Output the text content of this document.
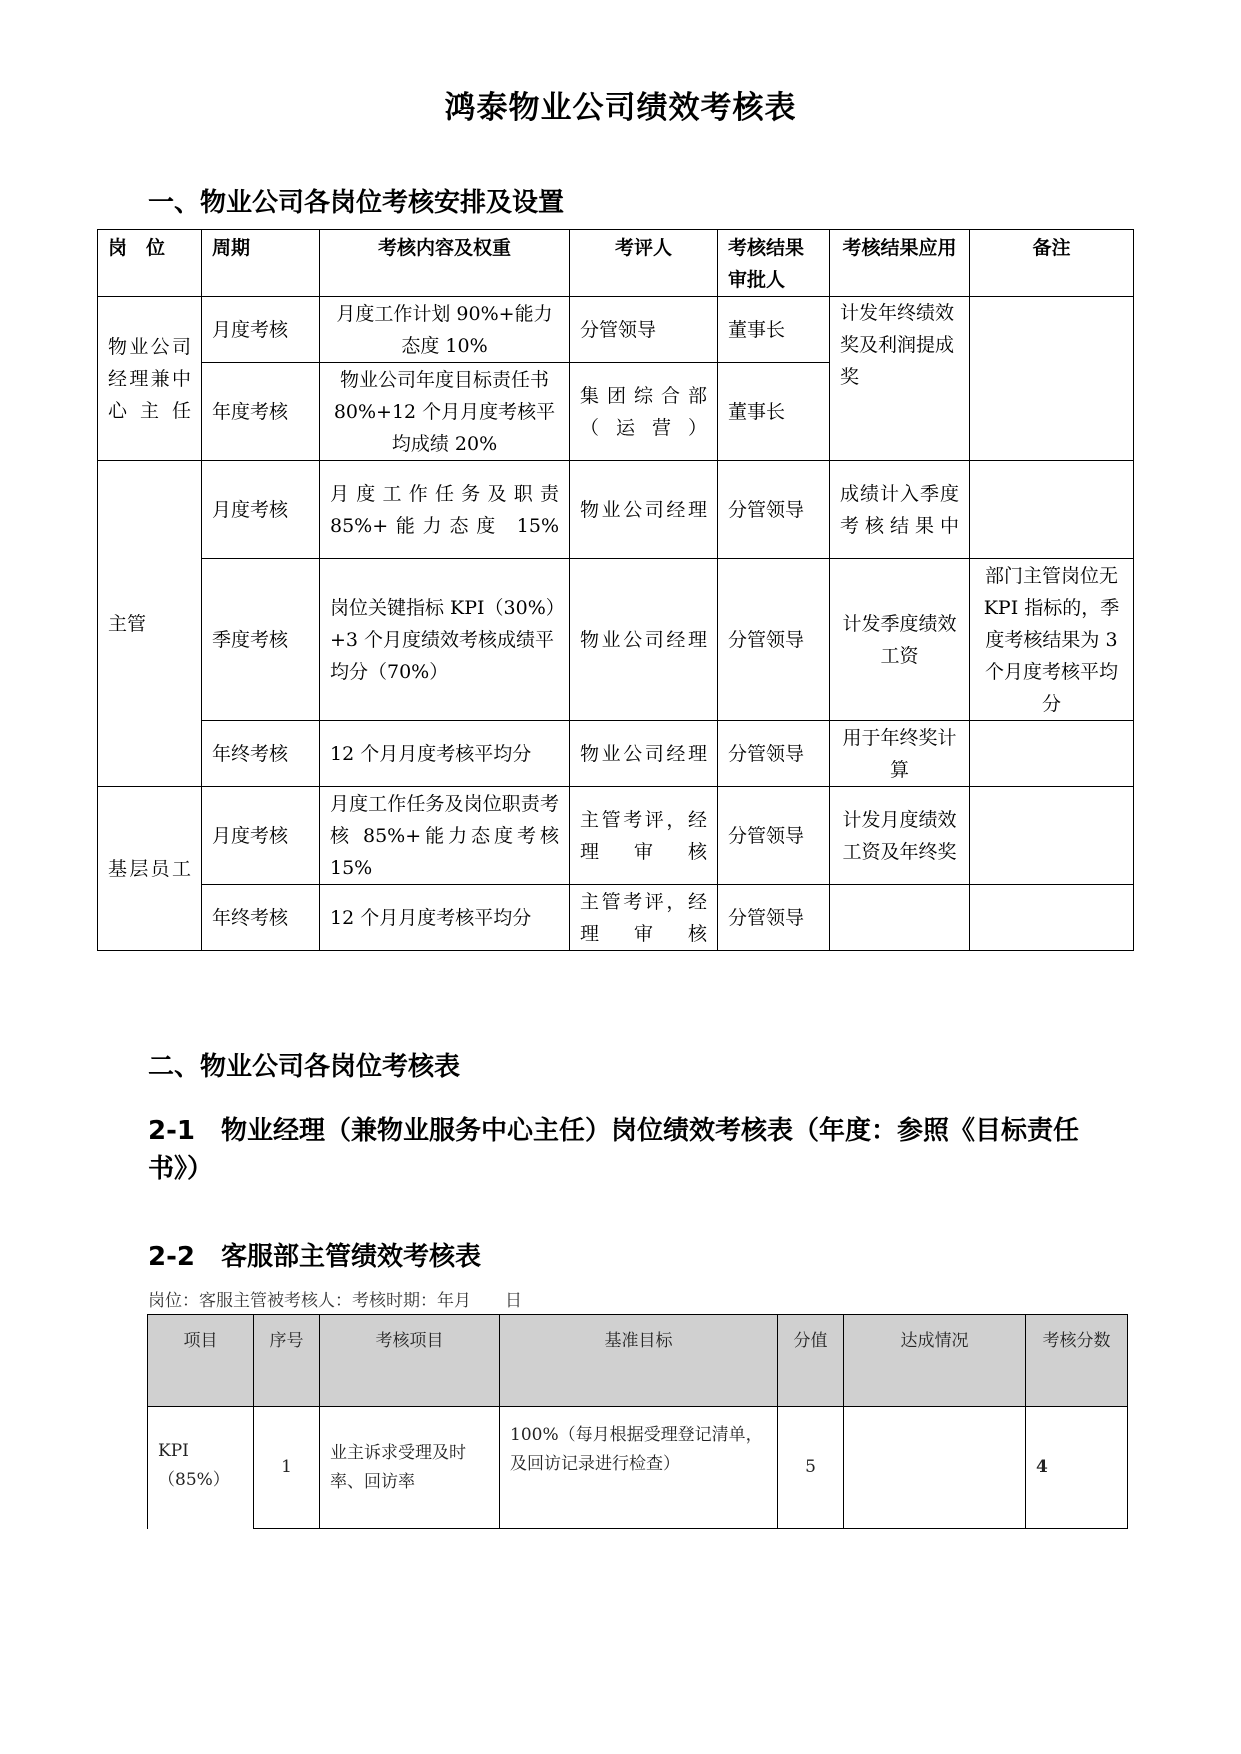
鸿泰物业公司绩效考核表
一、物业公司各岗位考核安排及设置
岗　位	周期	考核内容及权重	考评人	考核结果审批人	考核结果应用	备注
物业公司经理兼中心主任	月度考核	月度工作计划 90%+能力 态度 10%	分管领导	董事长	计发年终绩效奖及利润提成奖	
	年度考核	物业公司年度目标责任书 80%+12 个月月度考核平均成绩 20%	集团综合部（运营）	董事长		
主管	月度考核	月度工作任务及职责 85%+能力态度 15%	物业公司经理	分管领导	成绩计入季度考核结果中	
	季度考核	岗位关键指标 KPI（30%）+3 个月度绩效考核成绩平均分（70%）	物业公司经理	分管领导	计发季度绩效工资	部门主管岗位无 KPI 指标的，季度考核结果为 3 个月度考核平均分
	年终考核	12 个月月度考核平均分	物业公司经理	分管领导	用于年终奖计算	
基层员工	月度考核	月度工作任务及岗位职责考核 85%+能力态度考核 15%	主管考评，经理审核	分管领导	计发月度绩效工资及年终奖	
	年终考核	12 个月月度考核平均分	主管考评，经理审核	分管领导		
二、物业公司各岗位考核表
2-1　物业经理（兼物业服务中心主任）岗位绩效考核表（年度：参照《目标责任书》）
2-2　客服部主管绩效考核表
岗位：客服主管被考核人：考核时期：年月　　日
项目	序号	考核项目	基准目标	分值	达成情况	考核分数
KPI（85%）	1	业主诉求受理及时率、回访率	100%（每月根据受理登记清单，及回访记录进行检查）	5		4
